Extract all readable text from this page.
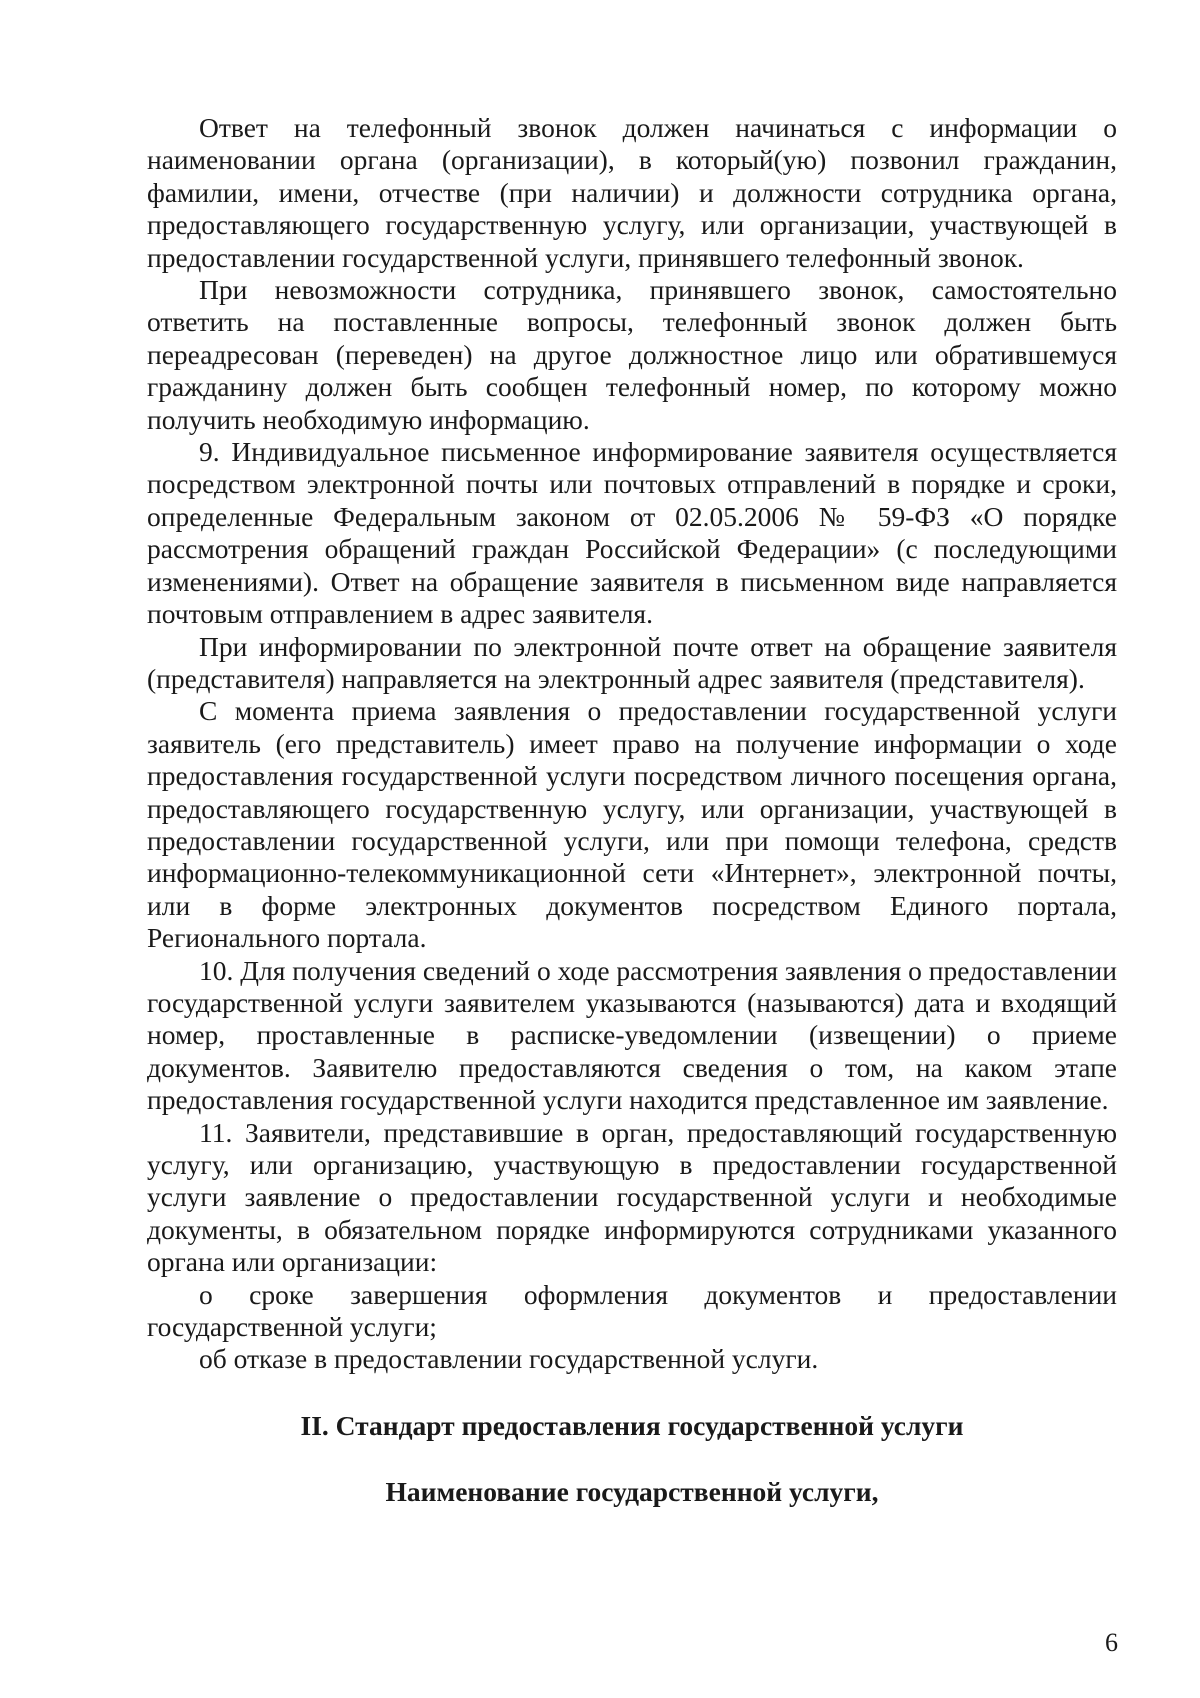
Ответ на телефонный звонок должен начинаться с информации о наименовании органа (организации), в который(ую) позвонил гражданин, фамилии, имени, отчестве (при наличии) и должности сотрудника органа, предоставляющего государственную услугу, или организации, участвующей в предоставлении государственной услуги, принявшего телефонный звонок.

При невозможности сотрудника, принявшего звонок, самостоятельно ответить на поставленные вопросы, телефонный звонок должен быть переадресован (переведен) на другое должностное лицо или обратившемуся гражданину должен быть сообщен телефонный номер, по которому можно получить необходимую информацию.

9. Индивидуальное письменное информирование заявителя осуществляется посредством электронной почты или почтовых отправлений в порядке и сроки, определенные Федеральным законом от 02.05.2006 № 59-ФЗ «О порядке рассмотрения обращений граждан Российской Федерации» (с последующими изменениями). Ответ на обращение заявителя в письменном виде направляется почтовым отправлением в адрес заявителя.

При информировании по электронной почте ответ на обращение заявителя (представителя) направляется на электронный адрес заявителя (представителя).

С момента приема заявления о предоставлении государственной услуги заявитель (его представитель) имеет право на получение информации о ходе предоставления государственной услуги посредством личного посещения органа, предоставляющего государственную услугу, или организации, участвующей в предоставлении государственной услуги, или при помощи телефона, средств информационно-телекоммуникационной сети «Интернет», электронной почты, или в форме электронных документов посредством Единого портала, Регионального портала.

10. Для получения сведений о ходе рассмотрения заявления о предоставлении государственной услуги заявителем указываются (называются) дата и входящий номер, проставленные в расписке-уведомлении (извещении) о приеме документов. Заявителю предоставляются сведения о том, на каком этапе предоставления государственной услуги находится представленное им заявление.

11. Заявители, представившие в орган, предоставляющий государственную услугу, или организацию, участвующую в предоставлении государственной услуги заявление о предоставлении государственной услуги и необходимые документы, в обязательном порядке информируются сотрудниками указанного органа или организации:

о сроке завершения оформления документов и предоставлении государственной услуги;

об отказе в предоставлении государственной услуги.

II. Стандарт предоставления государственной услуги
Наименование государственной услуги,
6
